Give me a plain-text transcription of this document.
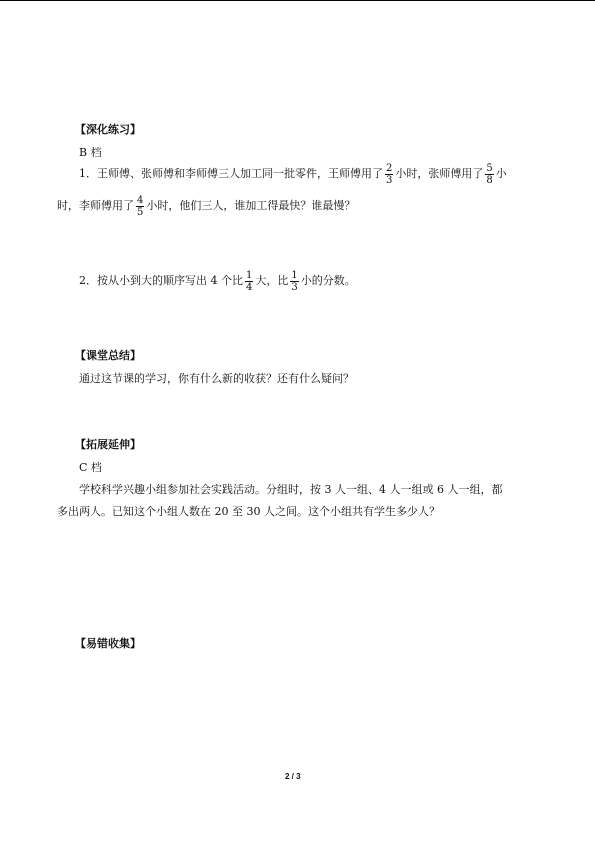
【深化练习】
B 档
1．王师傅、张师傅和李师傅三人加工同一批零件，王师傅用了 $\frac{2}{3}$ 小时，张师傅用了 $\frac{5}{8}$ 小
时，李师傅用了 $\frac{4}{5}$ 小时，他们三人，谁加工得最快？谁最慢？
2．按从小到大的顺序写出 4 个比 $\frac{1}{4}$ 大，比 $\frac{1}{3}$ 小的分数。
【课堂总结】
通过这节课的学习，你有什么新的收获？还有什么疑问？
【拓展延伸】
C 档
学校科学兴趣小组参加社会实践活动。分组时，按 3 人一组、4 人一组或 6 人一组，都
多出两人。已知这个小组人数在 20 至 30 人之间。这个小组共有学生多少人？
【易错收集】
2 / 3
